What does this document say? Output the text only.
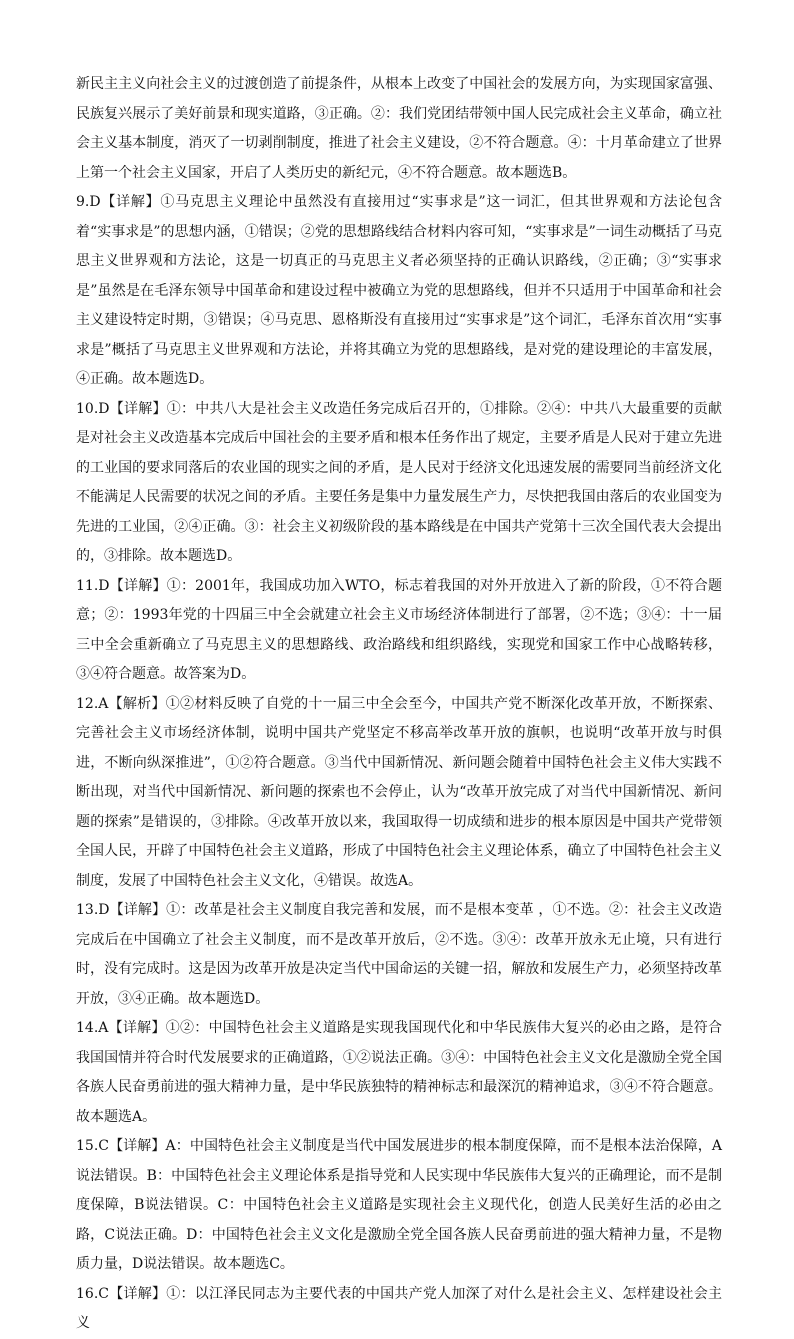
新民主主义向社会主义的过渡创造了前提条件，从根本上改变了中国社会的发展方向，为实现国家富强、民族复兴展示了美好前景和现实道路，③正确。②：我们党团结带领中国人民完成社会主义革命，确立社会主义基本制度，消灭了一切剥削制度，推进了社会主义建设，②不符合题意。④：十月革命建立了世界上第一个社会主义国家，开启了人类历史的新纪元，④不符合题意。故本题选B。

9.D【详解】①马克思主义理论中虽然没有直接用过“实事求是”这一词汇，但其世界观和方法论包含着“实事求是”的思想内涵，①错误；②党的思想路线结合材料内容可知，“实事求是”一词生动概括了马克思主义世界观和方法论，这是一切真正的马克思主义者必须坚持的正确认识路线，②正确；③“实事求是”虽然是在毛泽东领导中国革命和建设过程中被确立为党的思想路线，但并不只适用于中国革命和社会主义建设特定时期，③错误；④马克思、恩格斯没有直接用过“实事求是”这个词汇，毛泽东首次用“实事求是”概括了马克思主义世界观和方法论，并将其确立为党的思想路线，是对党的建设理论的丰富发展，④正确。故本题选D。

10.D【详解】①：中共八大是社会主义改造任务完成后召开的，①排除。②④：中共八大最重要的贡献是对社会主义改造基本完成后中国社会的主要矛盾和根本任务作出了规定，主要矛盾是人民对于建立先进的工业国的要求同落后的农业国的现实之间的矛盾，是人民对于经济文化迅速发展的需要同当前经济文化不能满足人民需要的状况之间的矛盾。主要任务是集中力量发展生产力，尽快把我国由落后的农业国变为先进的工业国，②④正确。③：社会主义初级阶段的基本路线是在中国共产党第十三次全国代表大会提出的，③排除。故本题选D。

11.D【详解】①：2001年，我国成功加入WTO，标志着我国的对外开放进入了新的阶段，①不符合题意；②：1993年党的十四届三中全会就建立社会主义市场经济体制进行了部署，②不选；③④：十一届三中全会重新确立了马克思主义的思想路线、政治路线和组织路线，实现党和国家工作中心战略转移，③④符合题意。故答案为D。

12.A【解析】①②材料反映了自党的十一届三中全会至今，中国共产党不断深化改革开放，不断探索、完善社会主义市场经济体制，说明中国共产党坚定不移高举改革开放的旗帜，也说明“改革开放与时俱进，不断向纵深推进”，①②符合题意。③当代中国新情况、新问题会随着中国特色社会主义伟大实践不断出现，对当代中国新情况、新问题的探索也不会停止，认为“改革开放完成了对当代中国新情况、新问题的探索”是错误的，③排除。④改革开放以来，我国取得一切成绩和进步的根本原因是中国共产党带领全国人民，开辟了中国特色社会主义道路，形成了中国特色社会主义理论体系，确立了中国特色社会主义制度，发展了中国特色社会主义文化，④错误。故选A。

13.D【详解】①：改革是社会主义制度自我完善和发展，而不是根本变革 ，①不选。②：社会主义改造完成后在中国确立了社会主义制度，而不是改革开放后，②不选。③④：改革开放永无止境，只有进行时，没有完成时。这是因为改革开放是决定当代中国命运的关键一招，解放和发展生产力，必须坚持改革开放，③④正确。故本题选D。

14.A【详解】①②：中国特色社会主义道路是实现我国现代化和中华民族伟大复兴的必由之路，是符合我国国情并符合时代发展要求的正确道路，①②说法正确。③④：中国特色社会主义文化是激励全党全国各族人民奋勇前进的强大精神力量，是中华民族独特的精神标志和最深沉的精神追求，③④不符合题意。故本题选A。

15.C【详解】A：中国特色社会主义制度是当代中国发展进步的根本制度保障，而不是根本法治保障，A说法错误。B：中国特色社会主义理论体系是指导党和人民实现中华民族伟大复兴的正确理论，而不是制度保障，B说法错误。C：中国特色社会主义道路是实现社会主义现代化，创造人民美好生活的必由之路，C说法正确。D：中国特色社会主义文化是激励全党全国各族人民奋勇前进的强大精神力量，不是物质力量，D说法错误。故本题选C。

16.C【详解】①：以江泽民同志为主要代表的中国共产党人加深了对什么是社会主义、怎样建设社会主义
